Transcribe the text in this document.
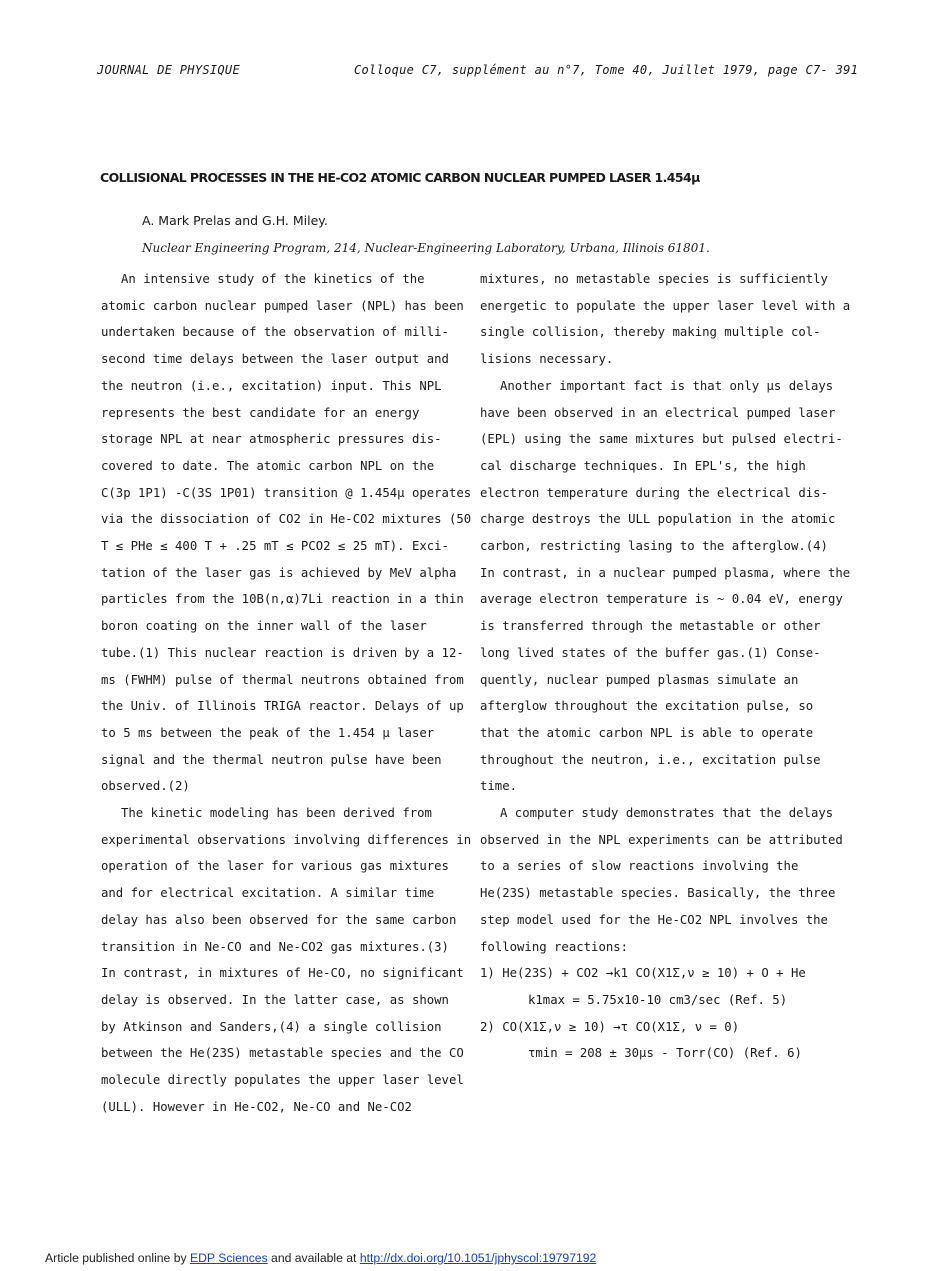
JOURNAL DE PHYSIQUE	Colloque C7, supplément au n°7, Tome 40, Juillet 1979, page C7- 391
COLLISIONAL PROCESSES IN THE HE-CO2 ATOMIC CARBON NUCLEAR PUMPED LASER 1.454μ
A. Mark Prelas and G.H. Miley.
Nuclear Engineering Program, 214, Nuclear-Engineering Laboratory, Urbana, Illinois 61801.

An intensive study of the kinetics of the

atomic carbon nuclear pumped laser (NPL) has been

undertaken because of the observation of milli-

second time delays between the laser output and

the neutron (i.e., excitation) input. This NPL

represents the best candidate for an energy

storage NPL at near atmospheric pressures dis-

covered to date. The atomic carbon NPL on the

C(3p 1P1) -C(3S 1P01) transition @ 1.454μ operates

via the dissociation of CO2 in He-CO2 mixtures (50

T ≤ PHe ≤ 400 T + .25 mT ≤ PCO2 ≤ 25 mT). Exci-

tation of the laser gas is achieved by MeV alpha

particles from the 10B(n,α)7Li reaction in a thin

boron coating on the inner wall of the laser

tube.(1) This nuclear reaction is driven by a 12-

ms (FWHM) pulse of thermal neutrons obtained from

the Univ. of Illinois TRIGA reactor. Delays of up

to 5 ms between the peak of the 1.454 μ laser

signal and the thermal neutron pulse have been

observed.(2)

The kinetic modeling has been derived from

experimental observations involving differences in

operation of the laser for various gas mixtures

and for electrical excitation. A similar time

delay has also been observed for the same carbon

transition in Ne-CO and Ne-CO2 gas mixtures.(3)

In contrast, in mixtures of He-CO, no significant

delay is observed. In the latter case, as shown

by Atkinson and Sanders,(4) a single collision

between the He(23S) metastable species and the CO

molecule directly populates the upper laser level

(ULL). However in He-CO2, Ne-CO and Ne-CO2

mixtures, no metastable species is sufficiently

energetic to populate the upper laser level with a

single collision, thereby making multiple col-

lisions necessary.

Another important fact is that only μs delays

have been observed in an electrical pumped laser

(EPL) using the same mixtures but pulsed electri-

cal discharge techniques. In EPL's, the high

electron temperature during the electrical dis-

charge destroys the ULL population in the atomic

carbon, restricting lasing to the afterglow.(4)

In contrast, in a nuclear pumped plasma, where the

average electron temperature is ~ 0.04 eV, energy

is transferred through the metastable or other

long lived states of the buffer gas.(1) Conse-

quently, nuclear pumped plasmas simulate an

afterglow throughout the excitation pulse, so

that the atomic carbon NPL is able to operate

throughout the neutron, i.e., excitation pulse

time.

A computer study demonstrates that the delays

observed in the NPL experiments can be attributed

to a series of slow reactions involving the

He(23S) metastable species. Basically, the three

step model used for the He-CO2 NPL involves the

following reactions:

1) He(23S) + CO2 →k1 CO(X1Σ,ν ≥ 10) + O + He

k1max = 5.75x10-10 cm3/sec (Ref. 5)

2) CO(X1Σ,ν ≥ 10) →τ CO(X1Σ, ν = 0)

τmin = 208 ± 30μs - Torr(CO) (Ref. 6)

Article published online by EDP Sciences and available at http://dx.doi.org/10.1051/jphyscol:19797192
